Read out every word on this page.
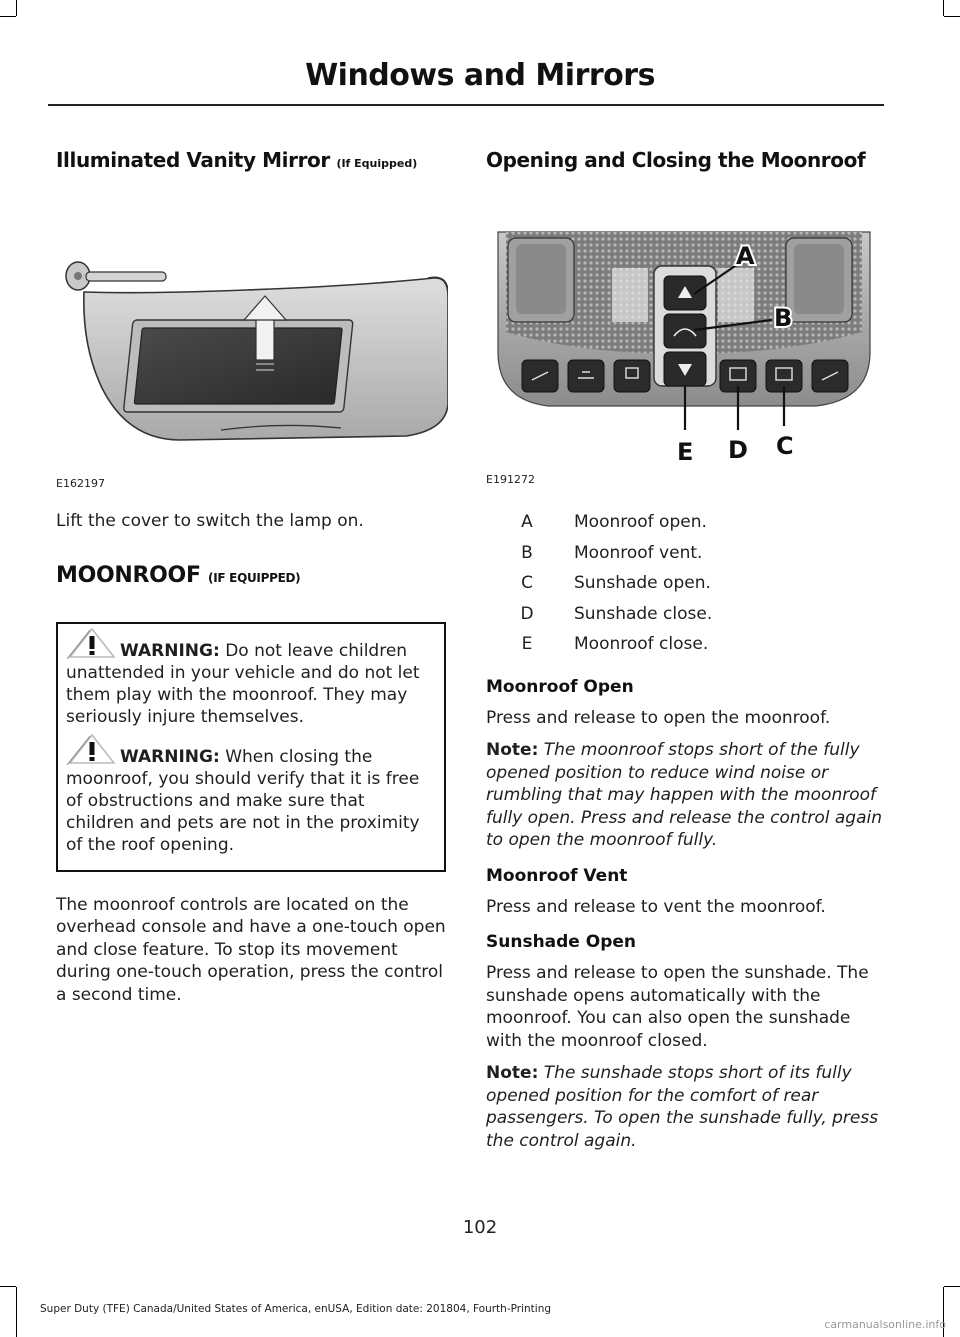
Windows and Mirrors
Illuminated Vanity Mirror (If Equipped)
E162197

Lift the cover to switch the lamp on.

MOONROOF (IF EQUIPPED)
WARNING: Do not leave children unattended in your vehicle and do not let them play with the moonroof. They may seriously injure themselves.
WARNING: When closing the moonroof, you should verify that it is free of obstructions and make sure that children and pets are not in the proximity of the roof opening.

The moonroof controls are located on the overhead console and have a one-touch open and close feature. To stop its movement during one-touch operation, press the control a second time.

Opening and Closing the Moonroof
A
B
C
D
E
E191272
A Moonroof open.
B Moonroof vent.
C Sunshade open.
D Sunshade close.
E Moonroof close.
Moonroof Open

Press and release to open the moonroof.

Note: The moonroof stops short of the fully opened position to reduce wind noise or rumbling that may happen with the moonroof fully open. Press and release the control again to open the moonroof fully.

Moonroof Vent

Press and release to vent the moonroof.

Sunshade Open

Press and release to open the sunshade. The sunshade opens automatically with the moonroof. You can also open the sunshade with the moonroof closed.

Note: The sunshade stops short of its fully opened position for the comfort of rear passengers. To open the sunshade fully, press the control again.

102
Super Duty (TFE) Canada/United States of America, enUSA, Edition date: 201804, Fourth-Printing
carmanualsonline.info
